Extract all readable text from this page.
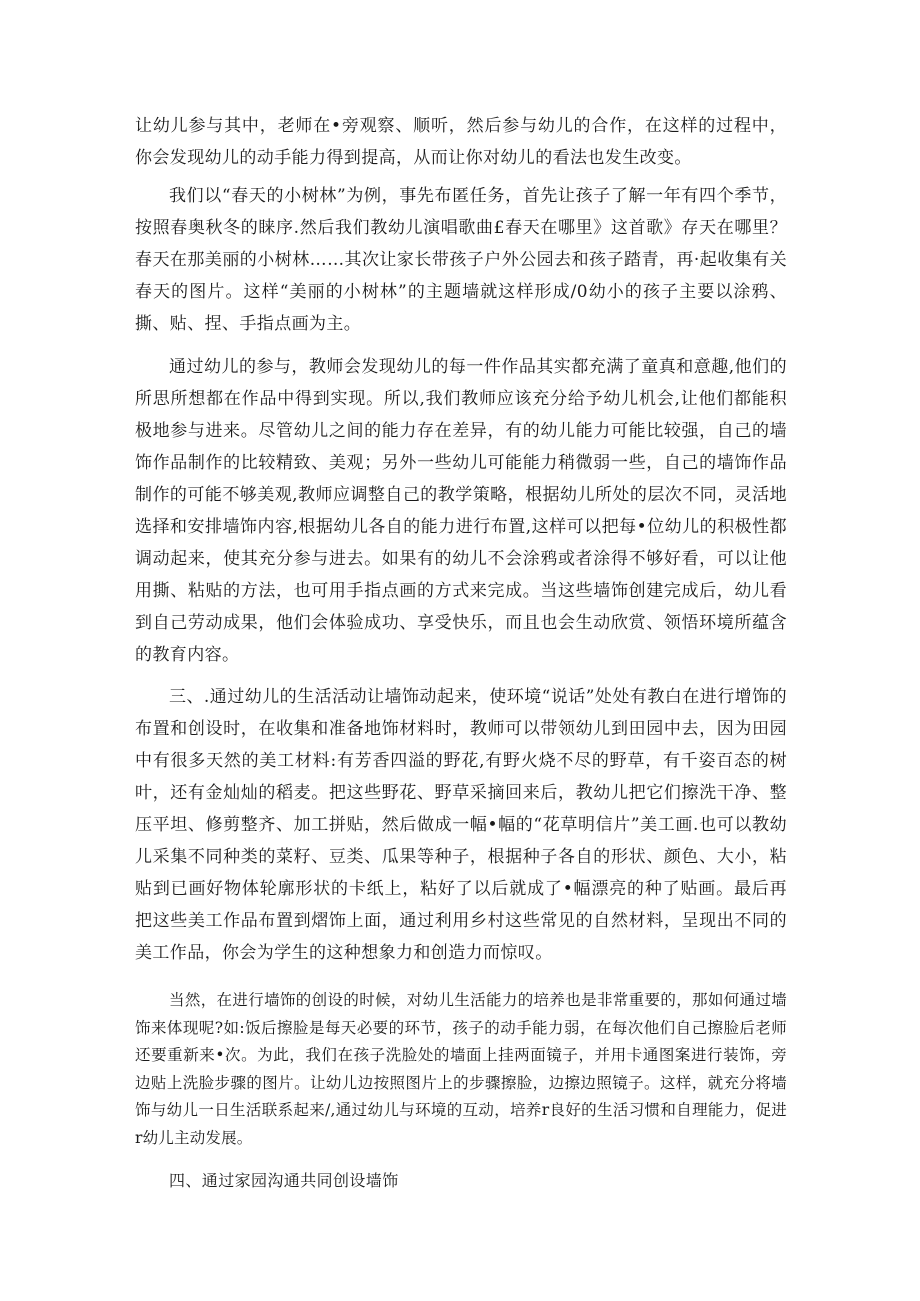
让幼儿参与其中，老师在•旁观察、顺听，然后参与幼儿的合作，在这样的过程中，你会发现幼儿的动手能力得到提高，从而让你对幼儿的看法也发生改变。

我们以“春天的小树林”为例，事先布匿任务，首先让孩子了解一年有四个季节，按照春奥秋冬的睐序.然后我们教幼儿演唱歌曲£春天在哪里》这首歌》存天在哪里？春天在那美丽的小树林……其次让家长带孩子户外公园去和孩子踏青，再·起收集有关春天的图片。这样“美丽的小树林”的主题墙就这样形成/0幼小的孩子主要以涂鸦、撕、贴、捏、手指点画为主。

通过幼儿的参与，教师会发现幼儿的每一件作品其实都充满了童真和意趣,他们的所思所想都在作品中得到实现。所以,我们教师应该充分给予幼儿机会,让他们都能积极地参与进来。尽管幼儿之间的能力存在差异，有的幼儿能力可能比较强，自己的墙饰作品制作的比较精致、美观；另外一些幼儿可能能力稍微弱一些，自己的墙饰作品制作的可能不够美观,教师应调整自己的教学策略，根据幼儿所处的层次不同，灵活地选择和安排墙饰内容,根据幼儿各自的能力进行布置,这样可以把每•位幼儿的积极性都调动起来，使其充分参与进去。如果有的幼儿不会涂鸦或者涂得不够好看，可以让他用撕、粘贴的方法，也可用手指点画的方式来完成。当这些墙饰创建完成后，幼儿看到自己劳动成果，他们会体验成功、享受快乐，而且也会生动欣赏、领悟环境所蕴含的教育内容。

三、.通过幼儿的生活活动让墙饰动起来，使环境“说话”处处有教白在进行增饰的布置和创设时，在收集和准备地饰材料时，教师可以带领幼儿到田园中去，因为田园中有很多天然的美工材料:有芳香四溢的野花,有野火烧不尽的野草，有千姿百态的树叶，还有金灿灿的稻麦。把这些野花、野草采摘回来后，教幼儿把它们擦洗干净、整压平坦、修剪整齐、加工拼贴，然后做成一幅•幅的“花草明信片”美工画.也可以教幼儿采集不同种类的菜籽、豆类、瓜果等种子，根据种子各自的形状、颜色、大小，粘贴到已画好物体轮廓形状的卡纸上，粘好了以后就成了•幅漂亮的种了贴画。最后再把这些美工作品布置到熠饰上面，通过利用乡村这些常见的自然材料，呈现出不同的美工作品，你会为学生的这种想象力和创造力而惊叹。

当然，在进行墙饰的创设的时候，对幼儿生活能力的培养也是非常重要的，那如何通过墙饰来体现呢?如:饭后擦脸是每天必要的环节，孩子的动手能力弱，在每次他们自己擦脸后老师还要重新来•次。为此，我们在孩子洗脸处的墙面上挂两面镜子，并用卡通图案进行装饰，旁边贴上洗脸步骤的图片。让幼儿边按照图片上的步骤擦脸，边擦边照镜子。这样，就充分将墙饰与幼儿一日生活联系起来/,通过幼儿与环境的互动，培养r良好的生活习惯和自理能力，促进r幼儿主动发展。

四、通过家园沟通共同创设墙饰
